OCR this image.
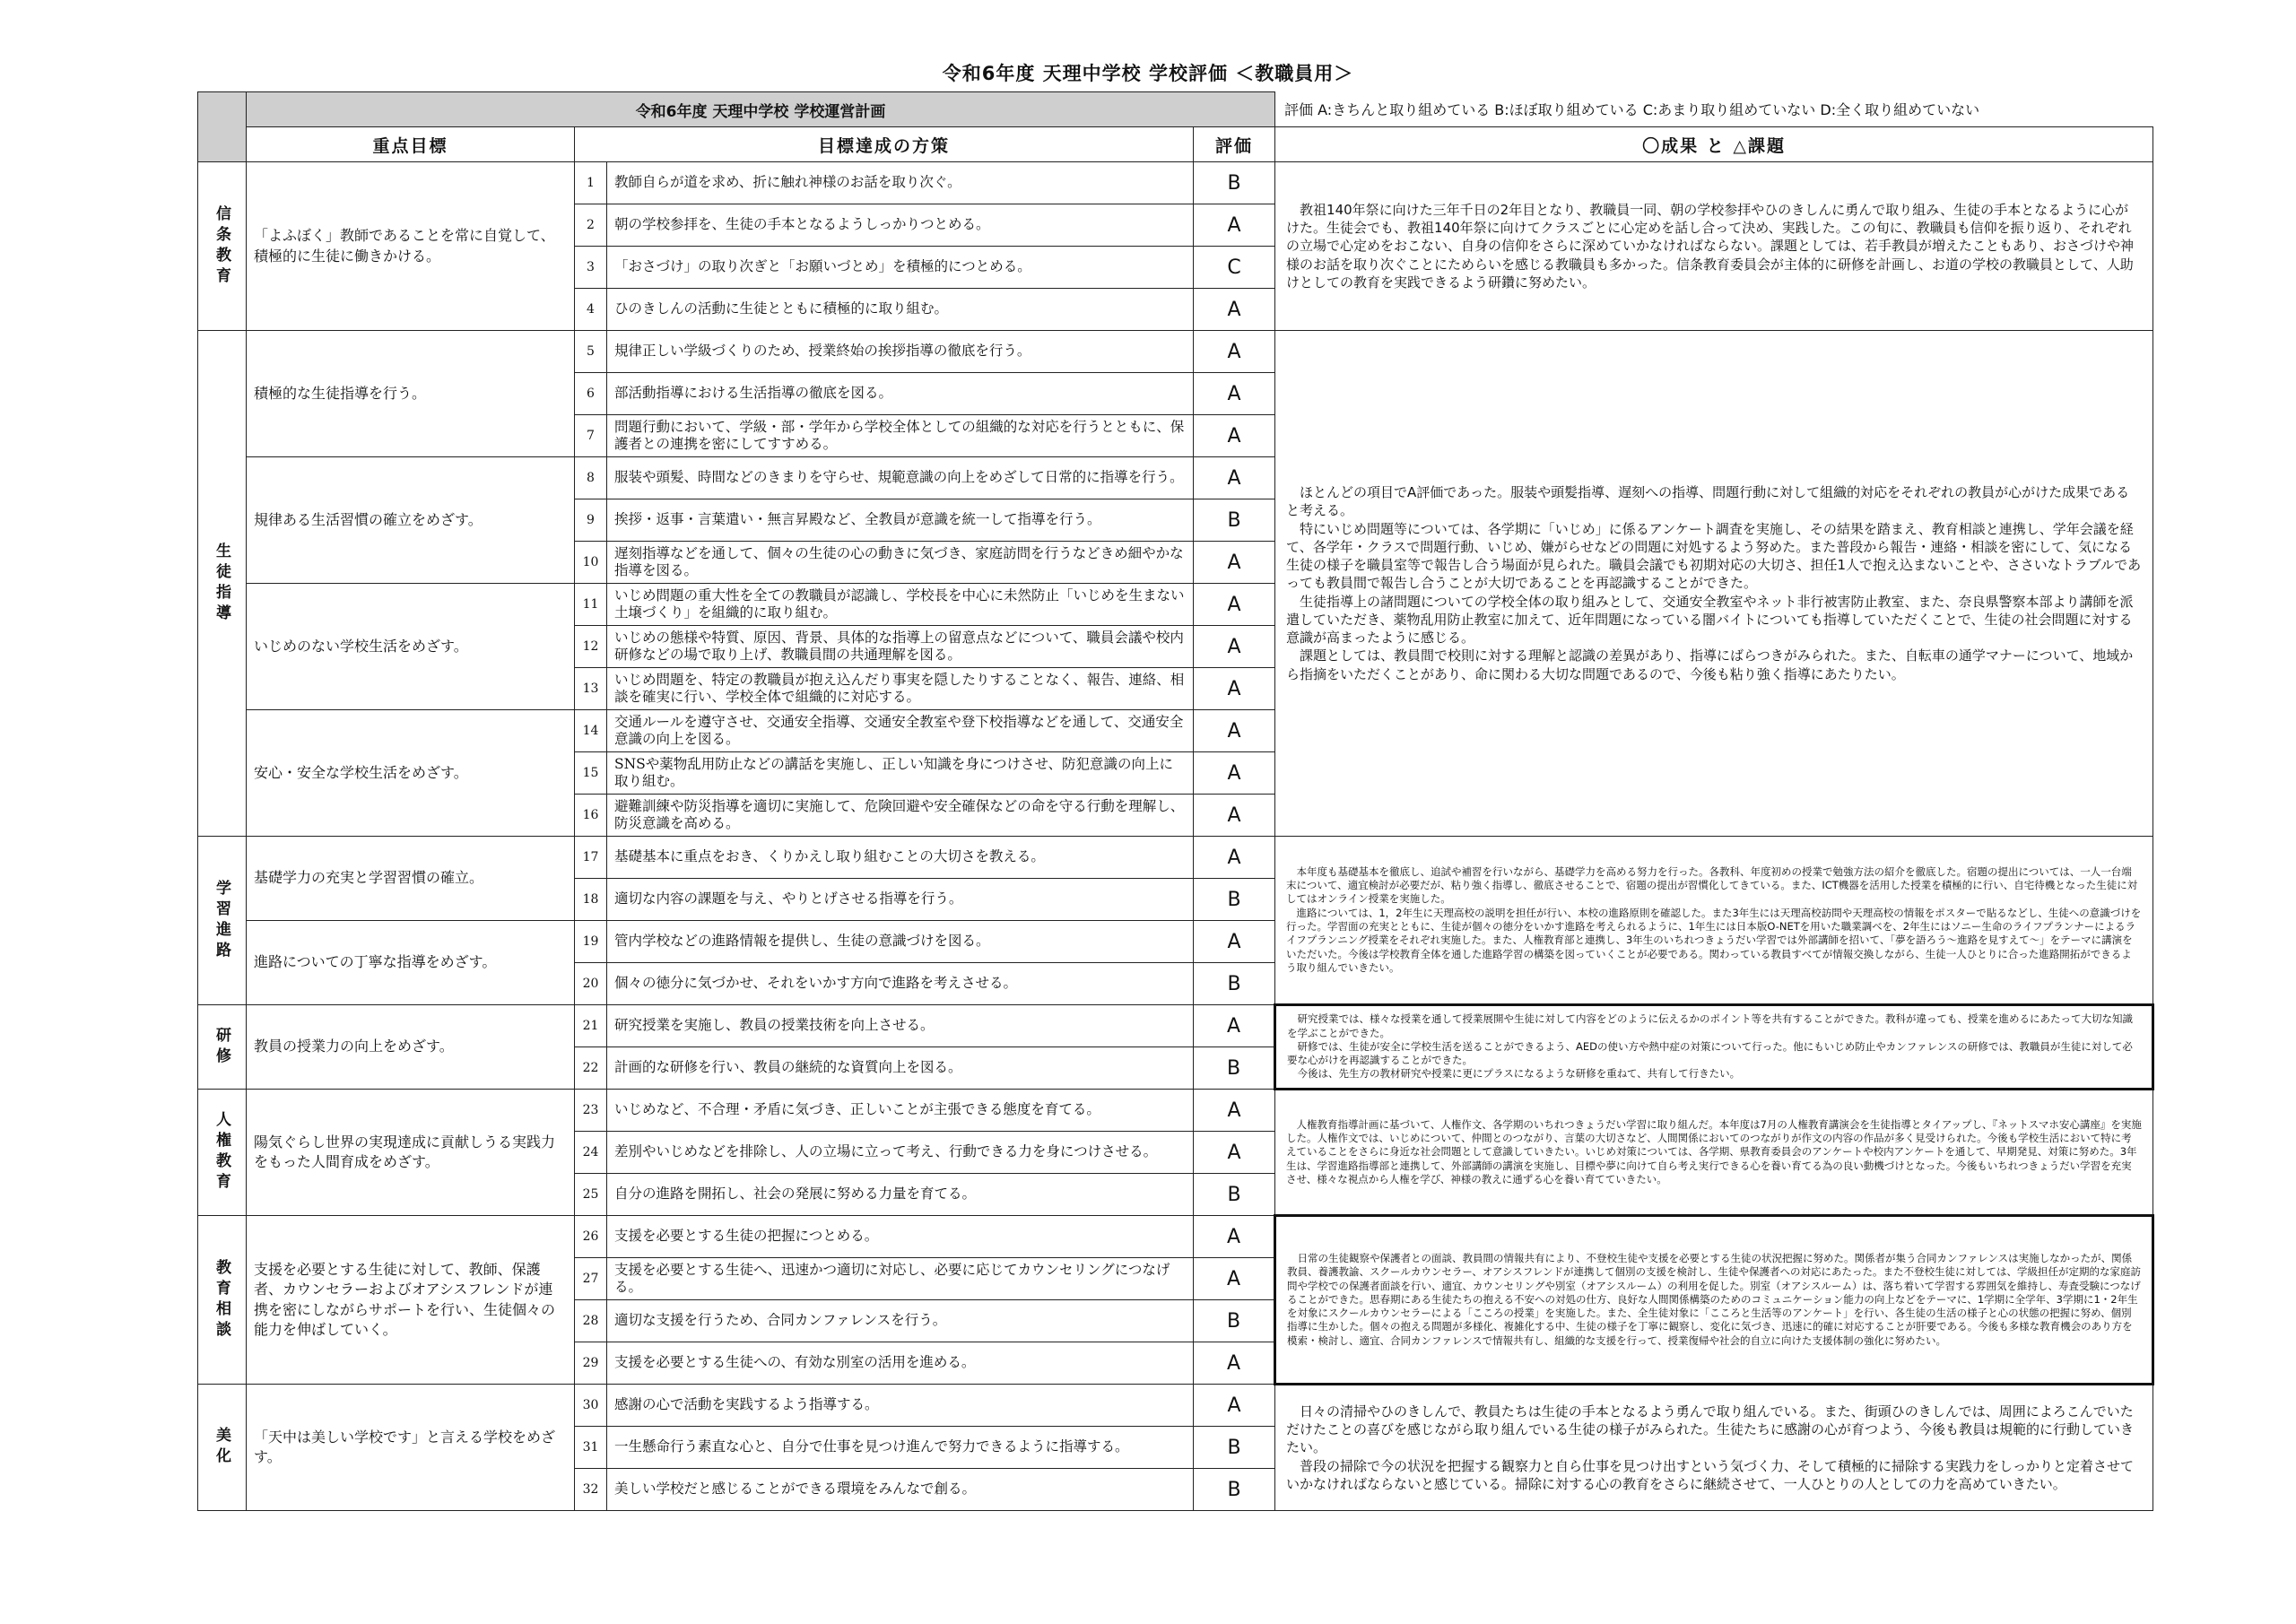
令和6年度 天理中学校 学校評価 ＜教職員用＞
	令和6年度 天理中学校 学校運営計画				評価 A:きちんと取り組めている B:ほぼ取り組めている C:あまり取り組めていない D:全く取り組めていない
	重点目標	目標達成の方策		評価	〇成果 と △課題
信条教育	「よふぼく」教師であることを常に自覚して、積極的に生徒に働きかける。	1	教師自らが道を求め、折に触れ神様のお話を取り次ぐ。	B	教祖140年祭に向けた三年千日の2年目となり、教職員一同、朝の学校参拝やひのきしんに勇んで取り組み、生徒の手本となるように心がけた。生徒会でも、教祖140年祭に向けてクラスごとに心定めを話し合って決め、実践した。この旬に、教職員も信仰を振り返り、それぞれの立場で心定めをおこない、自身の信仰をさらに深めていかなければならない。課題としては、若手教員が増えたこともあり、おさづけや神様のお話を取り次ぐことにためらいを感じる教職員も多かった。信条教育委員会が主体的に研修を計画し、お道の学校の教職員として、人助けとしての教育を実践できるよう研鑽に努めたい。

		2	朝の学校参拝を、生徒の手本となるようしっかりつとめる。	A	
		3	「おさづけ」の取り次ぎと「お願いづとめ」を積極的につとめる。	C	
		4	ひのきしんの活動に生徒とともに積極的に取り組む。	A	
生徒指導	積極的な生徒指導を行う。	5	規律正しい学級づくりのため、授業終始の挨拶指導の徹底を行う。	A	ほとんどの項目でA評価であった。服装や頭髪指導、遅刻への指導、問題行動に対して組織的対応をそれぞれの教員が心がけた成果であると考える。

特にいじめ問題等については、各学期に「いじめ」に係るアンケート調査を実施し、その結果を踏まえ、教育相談と連携し、学年会議を経て、各学年・クラスで問題行動、いじめ、嫌がらせなどの問題に対処するよう努めた。また普段から報告・連絡・相談を密にして、気になる生徒の様子を職員室等で報告し合う場面が見られた。職員会議でも初期対応の大切さ、担任1人で抱え込まないことや、ささいなトラブルであっても教員間で報告し合うことが大切であることを再認識することができた。

生徒指導上の諸問題についての学校全体の取り組みとして、交通安全教室やネット非行被害防止教室、また、奈良県警察本部より講師を派遣していただき、薬物乱用防止教室に加えて、近年問題になっている闇バイトについても指導していただくことで、生徒の社会問題に対する意識が高まったように感じる。

課題としては、教員間で校則に対する理解と認識の差異があり、指導にばらつきがみられた。また、自転車の通学マナーについて、地域から指摘をいただくことがあり、命に関わる大切な問題であるので、今後も粘り強く指導にあたりたい。

		6	部活動指導における生活指導の徹底を図る。	A	
		7	問題行動において、学級・部・学年から学校全体としての組織的な対応を行うとともに、保護者との連携を密にしてすすめる。	A	
	規律ある生活習慣の確立をめざす。	8	服装や頭髪、時間などのきまりを守らせ、規範意識の向上をめざして日常的に指導を行う。	A	
		9	挨拶・返事・言葉遣い・無言昇殿など、全教員が意識を統一して指導を行う。	B	
		10	遅刻指導などを通して、個々の生徒の心の動きに気づき、家庭訪問を行うなどきめ細やかな指導を図る。	A	
	いじめのない学校生活をめざす。	11	いじめ問題の重大性を全ての教職員が認識し、学校長を中心に未然防止「いじめを生まない土壌づくり」を組織的に取り組む。	A	
		12	いじめの態様や特質、原因、背景、具体的な指導上の留意点などについて、職員会議や校内研修などの場で取り上げ、教職員間の共通理解を図る。	A	
		13	いじめ問題を、特定の教職員が抱え込んだり事実を隠したりすることなく、報告、連絡、相談を確実に行い、学校全体で組織的に対応する。	A	
	安心・安全な学校生活をめざす。	14	交通ルールを遵守させ、交通安全指導、交通安全教室や登下校指導などを通して、交通安全意識の向上を図る。	A	
		15	SNSや薬物乱用防止などの講話を実施し、正しい知識を身につけさせ、防犯意識の向上に取り組む。	A	
		16	避難訓練や防災指導を適切に実施して、危険回避や安全確保などの命を守る行動を理解し、防災意識を高める。	A	
学習進路	基礎学力の充実と学習習慣の確立。	17	基礎基本に重点をおき、くりかえし取り組むことの大切さを教える。	A	本年度も基礎基本を徹底し、追試や補習を行いながら、基礎学力を高める努力を行った。各教科、年度初めの授業で勉強方法の紹介を徹底した。宿題の提出については、一人一台端末について、適宜検討が必要だが、粘り強く指導し、徹底させることで、宿題の提出が習慣化してきている。また、ICT機器を活用した授業を積極的に行い、自宅待機となった生徒に対してはオンライン授業を実施した。

進路については、1，2年生に天理高校の説明を担任が行い、本校の進路原則を確認した。また3年生には天理高校訪問や天理高校の情報をポスターで貼るなどし、生徒への意識づけを行った。学習面の充実とともに、生徒が個々の徳分をいかす進路を考えられるように、1年生には日本版O-NETを用いた職業調べを、2年生にはソニー生命のライフプランナーによるライフプランニング授業をそれぞれ実施した。また、人権教育部と連携し、3年生のいちれつきょうだい学習では外部講師を招いて、「夢を語ろう～進路を見すえて～」をテーマに講演をいただいた。今後は学校教育全体を通した進路学習の構築を図っていくことが必要である。関わっている教員すべてが情報交換しながら、生徒一人ひとりに合った進路開拓ができるよう取り組んでいきたい。

		18	適切な内容の課題を与え、やりとげさせる指導を行う。	B	
	進路についての丁寧な指導をめざす。	19	管内学校などの進路情報を提供し、生徒の意識づけを図る。	A	
		20	個々の徳分に気づかせ、それをいかす方向で進路を考えさせる。	B	
研修	教員の授業力の向上をめざす。	21	研究授業を実施し、教員の授業技術を向上させる。	A	研究授業では、様々な授業を通して授業展開や生徒に対して内容をどのように伝えるかのポイント等を共有することができた。教科が違っても、授業を進めるにあたって大切な知識を学ぶことができた。

研修では、生徒が安全に学校生活を送ることができるよう、AEDの使い方や熱中症の対策について行った。他にもいじめ防止やカンファレンスの研修では、教職員が生徒に対して必要な心がけを再認識することができた。

今後は、先生方の教材研究や授業に更にプラスになるような研修を重ねて、共有して行きたい。

		22	計画的な研修を行い、教員の継続的な資質向上を図る。	B	
人権教育	陽気ぐらし世界の実現達成に貢献しうる実践力をもった人間育成をめざす。	23	いじめなど、不合理・矛盾に気づき、正しいことが主張できる態度を育てる。	A	人権教育指導計画に基づいて、人権作文、各学期のいちれつきょうだい学習に取り組んだ。本年度は7月の人権教育講演会を生徒指導とタイアップし、『ネットスマホ安心講座』を実施した。人権作文では、いじめについて、仲間とのつながり、言葉の大切さなど、人間関係においてのつながりが作文の内容の作品が多く見受けられた。今後も学校生活において特に考えていることをさらに身近な社会問題として意識していきたい。いじめ対策については、各学期、県教育委員会のアンケートや校内アンケートを通して、早期発見、対策に努めた。3年生は、学習進路指導部と連携して、外部講師の講演を実施し、目標や夢に向けて自ら考え実行できる心を養い育てる為の良い動機づけとなった。今後もいちれつきょうだい学習を充実させ、様々な視点から人権を学び、神様の教えに通ずる心を養い育てていきたい。

		24	差別やいじめなどを排除し、人の立場に立って考え、行動できる力を身につけさせる。	A	
		25	自分の進路を開拓し、社会の発展に努める力量を育てる。	B	
教育相談	支援を必要とする生徒に対して、教師、保護者、カウンセラーおよびオアシスフレンドが連携を密にしながらサポートを行い、生徒個々の能力を伸ばしていく。	26	支援を必要とする生徒の把握につとめる。	A	日常の生徒観察や保護者との面談、教員間の情報共有により、不登校生徒や支援を必要とする生徒の状況把握に努めた。関係者が集う合同カンファレンスは実施しなかったが、関係教員、養護教諭、スクールカウンセラー、オアシスフレンドが連携して個別の支援を検討し、生徒や保護者への対応にあたった。また不登校生徒に対しては、学級担任が定期的な家庭訪問や学校での保護者面談を行い、適宜、カウンセリングや別室（オアシスルーム）の利用を促した。別室（オアシスルーム）は、落ち着いて学習する雰囲気を維持し、寿査受験につなげることができた。思春期にある生徒たちの抱える不安への対処の仕方、良好な人間関係構築のためのコミュニケーション能力の向上などをテーマに、1学期に全学年、3学期に1・2年生を対象にスクールカウンセラーによる「こころの授業」を実施した。また、全生徒対象に「こころと生活等のアンケート」を行い、各生徒の生活の様子と心の状態の把握に努め、個別指導に生かした。個々の抱える問題が多様化、複雑化する中、生徒の様子を丁寧に観察し、変化に気づき、迅速に的確に対応することが肝要である。今後も多様な教育機会のあり方を模索・検討し、適宜、合同カンファレンスで情報共有し、組織的な支援を行って、授業復帰や社会的自立に向けた支援体制の強化に努めたい。

		27	支援を必要とする生徒へ、迅速かつ適切に対応し、必要に応じてカウンセリングにつなげる。	A	
		28	適切な支援を行うため、合同カンファレンスを行う。	B	
		29	支援を必要とする生徒への、有効な別室の活用を進める。	A	
美化	「天中は美しい学校です」と言える学校をめざす。	30	感謝の心で活動を実践するよう指導する。	A	日々の清掃やひのきしんで、教員たちは生徒の手本となるよう勇んで取り組んでいる。また、街頭ひのきしんでは、周囲によろこんでいただけたことの喜びを感じながら取り組んでいる生徒の様子がみられた。生徒たちに感謝の心が育つよう、今後も教員は規範的に行動していきたい。

普段の掃除で今の状況を把握する観察力と自ら仕事を見つけ出すという気づく力、そして積極的に掃除する実践力をしっかりと定着させていかなければならないと感じている。掃除に対する心の教育をさらに継続させて、一人ひとりの人としての力を高めていきたい。

		31	一生懸命行う素直な心と、自分で仕事を見つけ進んで努力できるように指導する。	B	
		32	美しい学校だと感じることができる環境をみんなで創る。	B	
